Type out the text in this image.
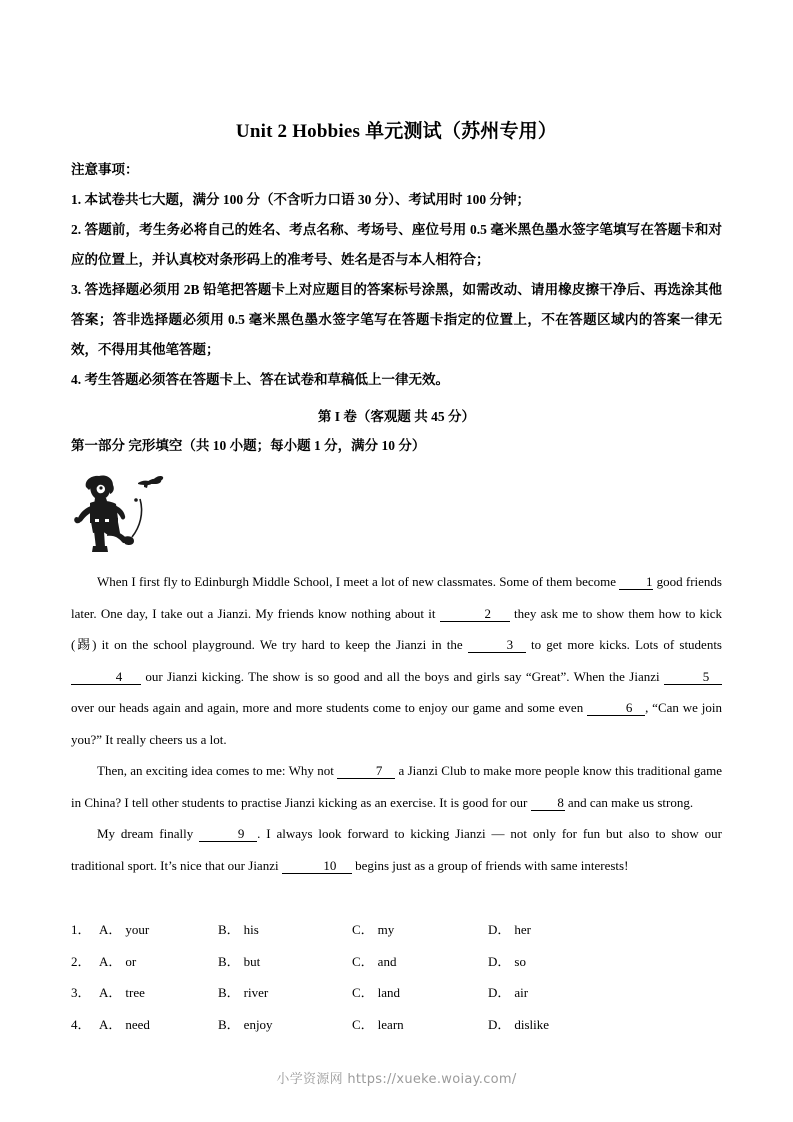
Unit 2 Hobbies 单元测试（苏州专用）

注意事项：

1. 本试卷共七大题，满分 100 分（不含听力口语 30 分）、考试用时 100 分钟；

2. 答题前，考生务必将自己的姓名、考点名称、考场号、座位号用 0.5 毫米黑色墨水签字笔填写在答题卡和对应的位置上，并认真校对条形码上的准考号、姓名是否与本人相符合；

3. 答选择题必须用 2B 铅笔把答题卡上对应题目的答案标号涂黑，如需改动、请用橡皮擦干净后、再选涂其他答案；答非选择题必须用 0.5 毫米黑色墨水签字笔写在答题卡指定的位置上，不在答题区域内的答案一律无效，不得用其他笔答题；

4. 考生答题必须答在答题卡上、答在试卷和草稿低上一律无效。

第 I 卷（客观题 共 45 分）
第一部分 完形填空（共 10 小题；每小题 1 分，满分 10 分）

When I first fly to Edinburgh Middle School, I meet a lot of new classmates. Some of them become 1 good friends later. One day, I take out a Jianzi. My friends know nothing about it	2 they ask me to show them how to kick (踢) it on the school playground. We try hard to keep the Jianzi in the	3 to get more kicks. Lots of students 4 our Jianzi kicking. The show is so good and all the boys and girls say “Great”. When the Jianzi	5 over our heads again and again, more and more students come to enjoy our game and some even	6 , “Can we join you?” It really cheers us a lot.

Then, an exciting idea comes to me: Why not	7 a Jianzi Club to make more people know this traditional game in China? I tell other students to practise Jianzi kicking as an exercise. It is good for our 8 and can make us strong.

My dream finally	9 . I always look forward to kicking Jianzi — not only for fun but also to show our traditional sport. It’s nice that our Jianzi	10 begins just as a group of friends with same interests!

1． A． your	B． his	C． my	D． her
2． A． or	B． but	C． and	D． so
3． A． tree	B． river	C． land	D． air
4． A． need	B． enjoy	C． learn	D． dislike
小学资源网 https://xueke.woiay.com/
